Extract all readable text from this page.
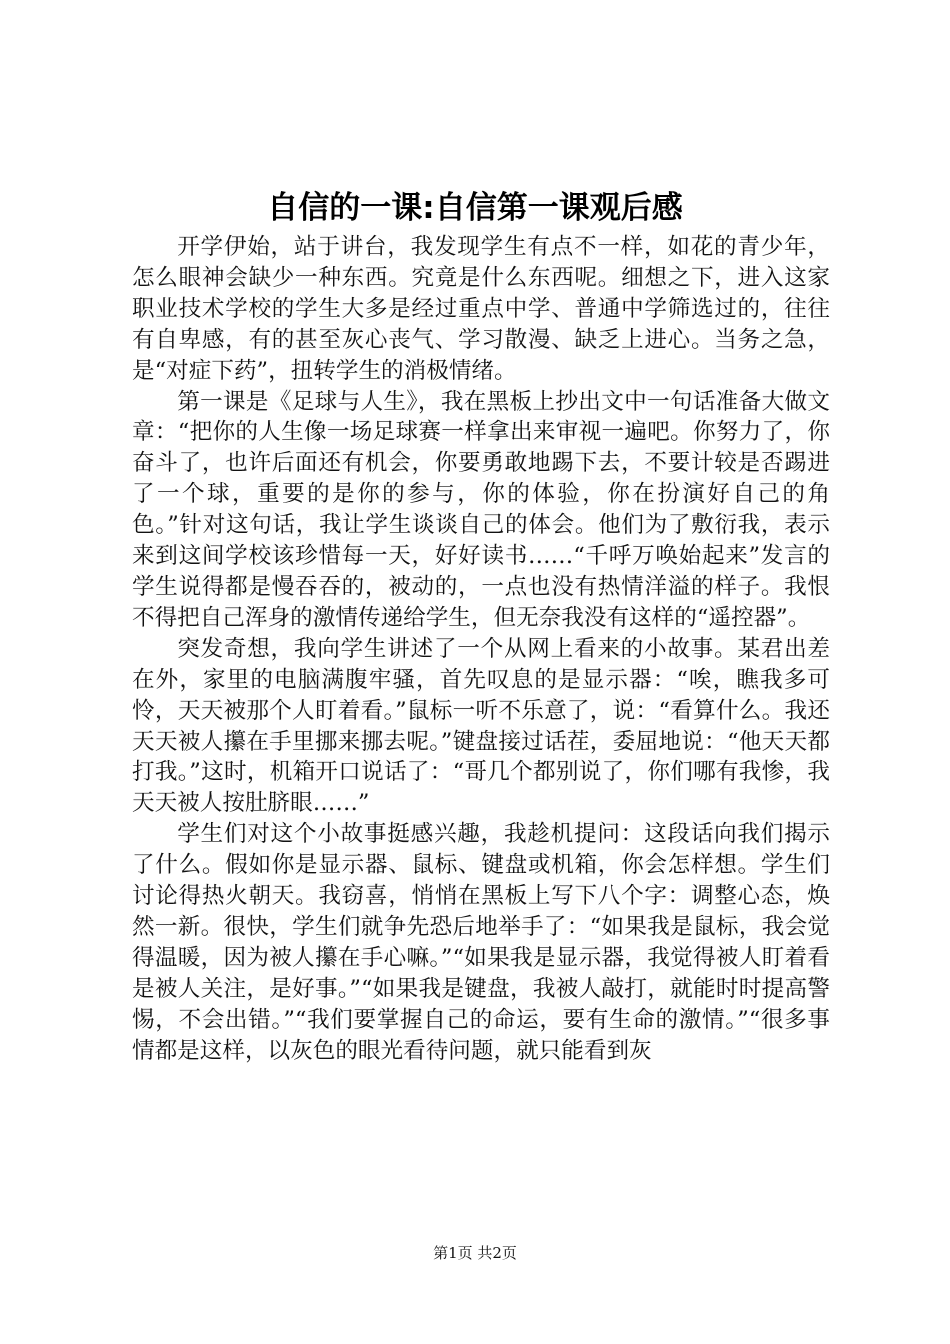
自信的一课:自信第一课观后感

开学伊始，站于讲台，我发现学生有点不一样，如花的青少年，怎么眼神会缺少一种东西。究竟是什么东西呢。细想之下，进入这家职业技术学校的学生大多是经过重点中学、普通中学筛选过的，往往有自卑感，有的甚至灰心丧气、学习散漫、缺乏上进心。当务之急，是“对症下药”，扭转学生的消极情绪。

第一课是《足球与人生》，我在黑板上抄出文中一句话准备大做文章：“把你的人生像一场足球赛一样拿出来审视一遍吧。你努力了，你奋斗了，也许后面还有机会，你要勇敢地踢下去，不要计较是否踢进了一个球，重要的是你的参与，你的体验，你在扮演好自己的角色。”针对这句话，我让学生谈谈自己的体会。他们为了敷衍我，表示来到这间学校该珍惜每一天，好好读书……“千呼万唤始起来”发言的学生说得都是慢吞吞的，被动的，一点也没有热情洋溢的样子。我恨不得把自己浑身的激情传递给学生，但无奈我没有这样的“遥控器”。

突发奇想，我向学生讲述了一个从网上看来的小故事。某君出差在外，家里的电脑满腹牢骚，首先叹息的是显示器：“唉，瞧我多可怜，天天被那个人盯着看。”鼠标一听不乐意了，说：“看算什么。我还天天被人攥在手里挪来挪去呢。”键盘接过话茬，委屈地说：“他天天都打我。”这时，机箱开口说话了：“哥几个都别说了，你们哪有我惨，我天天被人按肚脐眼……”

学生们对这个小故事挺感兴趣，我趁机提问：这段话向我们揭示了什么。假如你是显示器、鼠标、键盘或机箱，你会怎样想。学生们讨论得热火朝天。我窃喜，悄悄在黑板上写下八个字：调整心态，焕然一新。很快，学生们就争先恐后地举手了：“如果我是鼠标，我会觉得温暖，因为被人攥在手心嘛。”“如果我是显示器，我觉得被人盯着看是被人关注，是好事。”“如果我是键盘，我被人敲打，就能时时提高警惕，不会出错。”“我们要掌握自己的命运，要有生命的激情。”“很多事情都是这样，以灰色的眼光看待问题，就只能看到灰

第1页 共2页
